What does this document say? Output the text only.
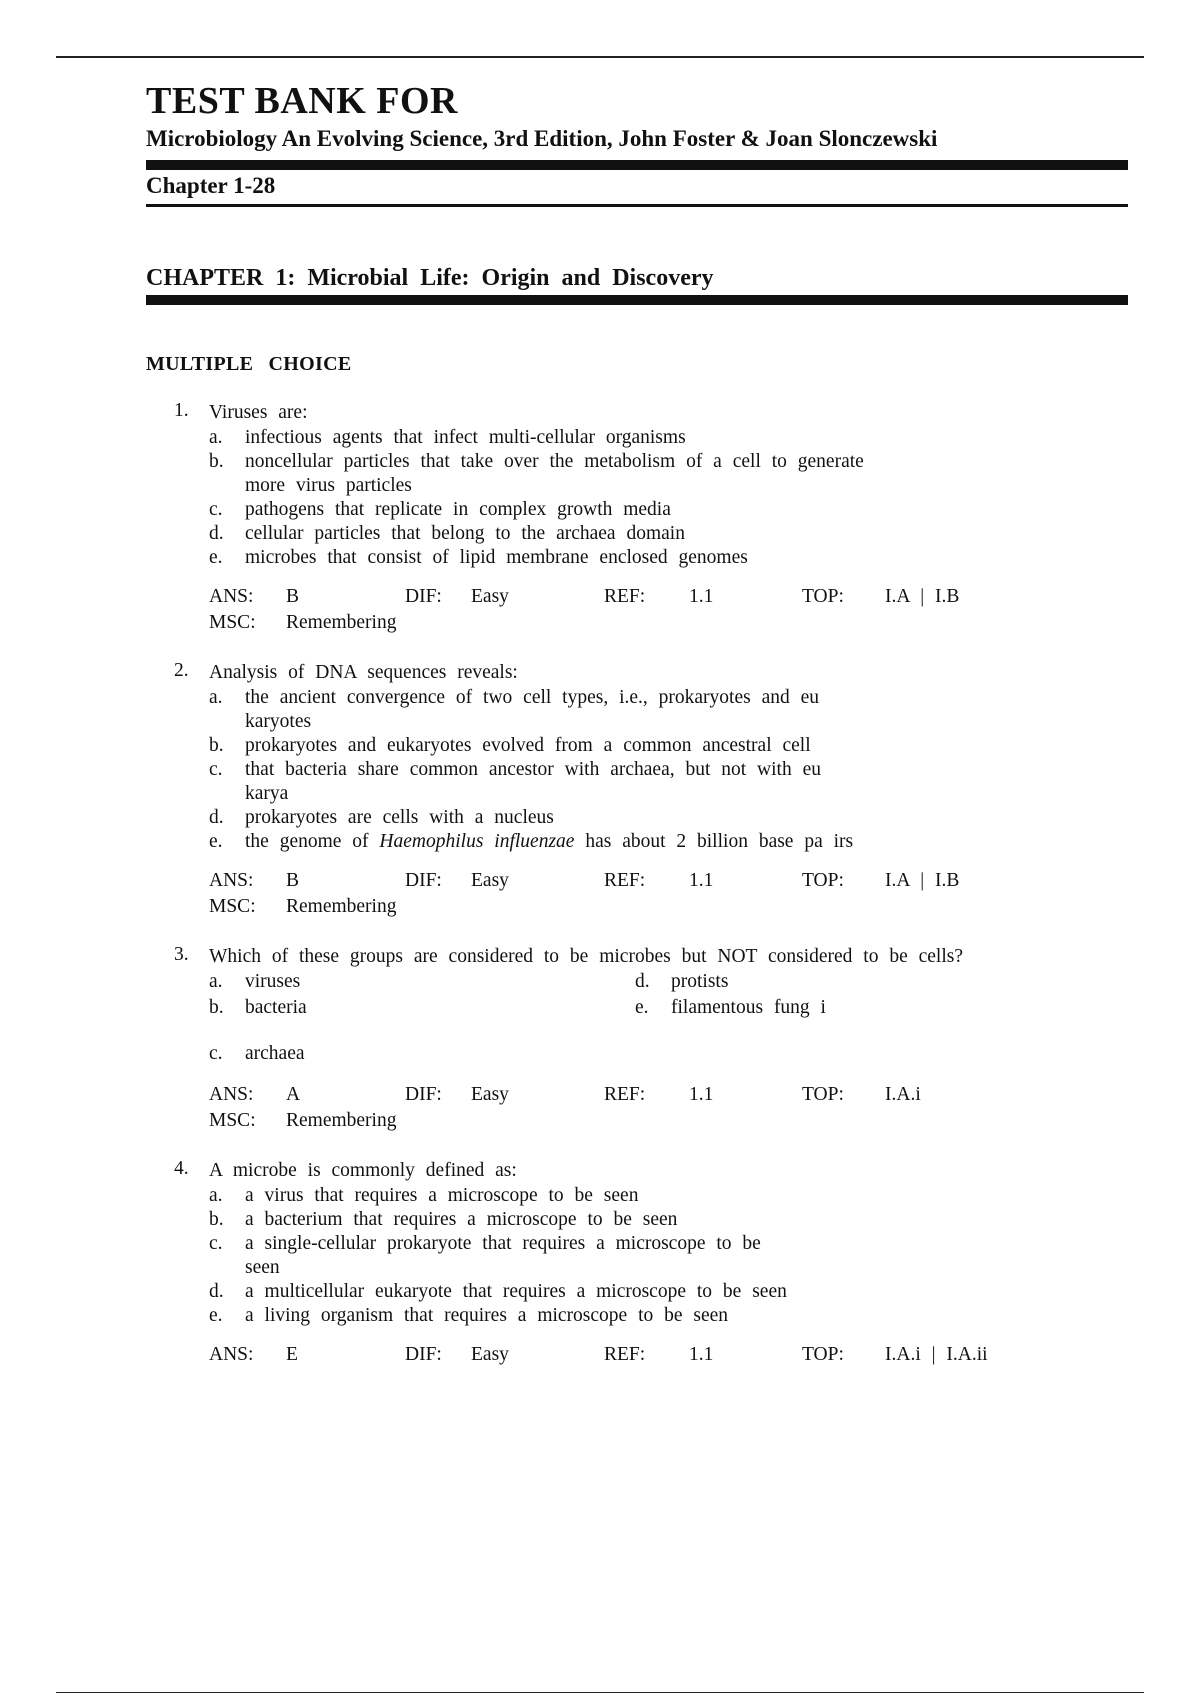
TEST BANK FOR
Microbiology An Evolving Science, 3rd Edition, John Foster & Joan Slonczewski
Chapter 1-28
CHAPTER 1: Microbial Life: Origin and Discovery
MULTIPLE CHOICE
1. Viruses are:
a. infectious agents that infect multi-cellular organisms
b. noncellular particles that take over the metabolism of a cell to generate more virus particles
c. pathogens that replicate in complex growth media
d. cellular particles that belong to the archaea domain
e. microbes that consist of lipid membrane enclosed genomes
ANS: B	DIF: Easy	REF: 1.1	TOP: I.A | I.B
MSC: Remembering
2. Analysis of DNA sequences reveals:
a. the ancient convergence of two cell types, i.e., prokaryotes and eu karyotes
b. prokaryotes and eukaryotes evolved from a common ancestral cell
c. that bacteria share common ancestor with archaea, but not with eu karya
d. prokaryotes are cells with a nucleus
e. the genome of Haemophilus influenzae has about 2 billion base pa irs
ANS: B	DIF: Easy	REF: 1.1	TOP: I.A | I.B
MSC: Remembering
3. Which of these groups are considered to be microbes but NOT considered to be cells?
a. viruses	d. protists
b. bacteria	e. filamentous fung i
c. archaea
ANS: A	DIF: Easy	REF: 1.1	TOP: I.A.i
MSC: Remembering
4. A microbe is commonly defined as:
a. a virus that requires a microscope to be seen
b. a bacterium that requires a microscope to be seen
c. a single-cellular prokaryote that requires a microscope to be seen
d. a multicellular eukaryote that requires a microscope to be seen
e. a living organism that requires a microscope to be seen
ANS: E	DIF: Easy	REF: 1.1	TOP: I.A.i | I.A.ii
